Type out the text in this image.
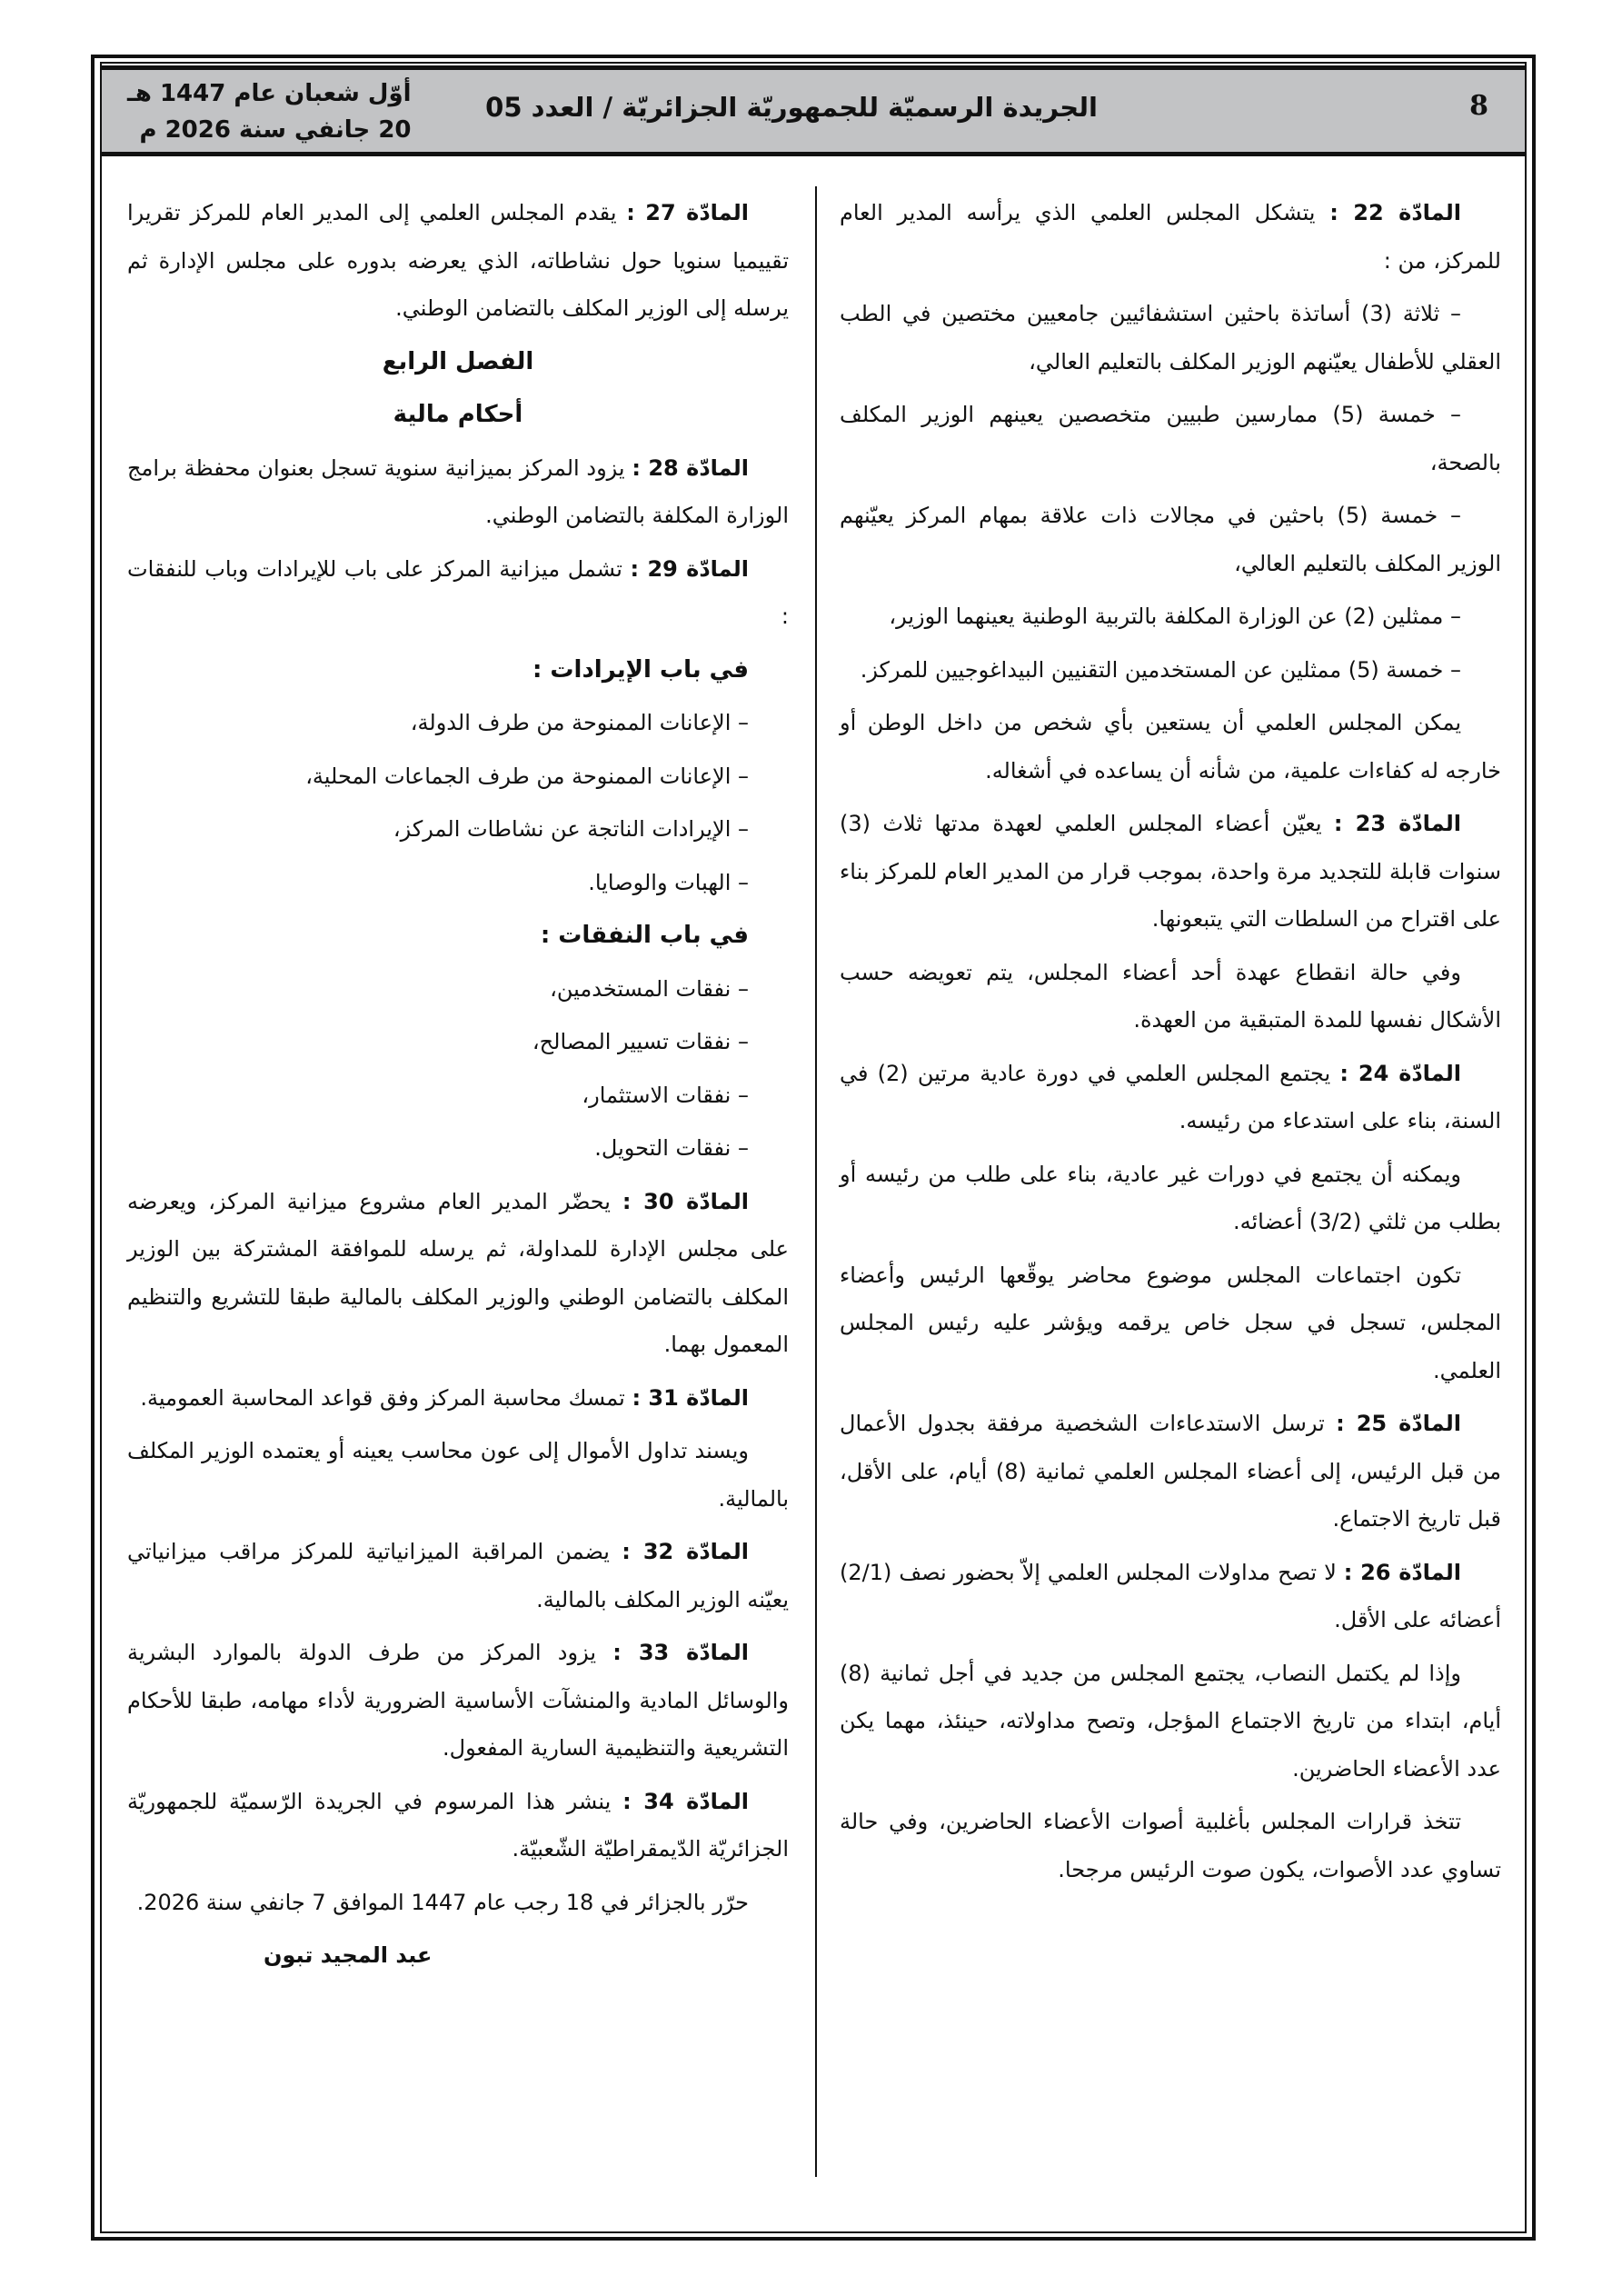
8
الجريدة الرسميّة للجمهوريّة الجزائريّة / العدد 05
أوّل شعبان عام 1447 هـ
20 جانفي سنة 2026 م

المادّة 22 : يتشكل المجلس العلمي الذي يرأسه المدير العام للمركز، من :

– ثلاثة (3) أساتذة باحثين استشفائيين جامعيين مختصين في الطب العقلي للأطفال يعيّنهم الوزير المكلف بالتعليم العالي،

– خمسة (5) ممارسين طبيين متخصصين يعينهم الوزير المكلف بالصحة،

– خمسة (5) باحثين في مجالات ذات علاقة بمهام المركز يعيّنهم الوزير المكلف بالتعليم العالي،

– ممثلين (2) عن الوزارة المكلفة بالتربية الوطنية يعينهما الوزير،

– خمسة (5) ممثلين عن المستخدمين التقنيين البيداغوجيين للمركز.

يمكن المجلس العلمي أن يستعين بأي شخص من داخل الوطن أو خارجه له كفاءات علمية، من شأنه أن يساعده في أشغاله.

المادّة 23 : يعيّن أعضاء المجلس العلمي لعهدة مدتها ثلاث (3) سنوات قابلة للتجديد مرة واحدة، بموجب قرار من المدير العام للمركز بناء على اقتراح من السلطات التي يتبعونها.

وفي حالة انقطاع عهدة أحد أعضاء المجلس، يتم تعويضه حسب الأشكال نفسها للمدة المتبقية من العهدة.

المادّة 24 : يجتمع المجلس العلمي في دورة عادية مرتين (2) في السنة، بناء على استدعاء من رئيسه.

ويمكنه أن يجتمع في دورات غير عادية، بناء على طلب من رئيسه أو بطلب من ثلثي (3/2) أعضائه.

تكون اجتماعات المجلس موضوع محاضر يوقّعها الرئيس وأعضاء المجلس، تسجل في سجل خاص يرقمه ويؤشر عليه رئيس المجلس العلمي.

المادّة 25 : ترسل الاستدعاءات الشخصية مرفقة بجدول الأعمال من قبل الرئيس، إلى أعضاء المجلس العلمي ثمانية (8) أيام، على الأقل، قبل تاريخ الاجتماع.

المادّة 26 : لا تصح مداولات المجلس العلمي إلاّ بحضور نصف (2/1) أعضائه على الأقل.

وإذا لم يكتمل النصاب، يجتمع المجلس من جديد في أجل ثمانية (8) أيام، ابتداء من تاريخ الاجتماع المؤجل، وتصح مداولاته، حينئذ، مهما يكن عدد الأعضاء الحاضرين.

تتخذ قرارات المجلس بأغلبية أصوات الأعضاء الحاضرين، وفي حالة تساوي عدد الأصوات، يكون صوت الرئيس مرجحا.

المادّة 27 : يقدم المجلس العلمي إلى المدير العام للمركز تقريرا تقييميا سنويا حول نشاطاته، الذي يعرضه بدوره على مجلس الإدارة ثم يرسله إلى الوزير المكلف بالتضامن الوطني.

الفصل الرابع

أحكام مالية

المادّة 28 : يزود المركز بميزانية سنوية تسجل بعنوان محفظة برامج الوزارة المكلفة بالتضامن الوطني.

المادّة 29 : تشمل ميزانية المركز على باب للإيرادات وباب للنفقات :

في باب الإيرادات :

– الإعانات الممنوحة من طرف الدولة،

– الإعانات الممنوحة من طرف الجماعات المحلية،

– الإيرادات الناتجة عن نشاطات المركز،

– الهبات والوصايا.

في باب النفقات :

– نفقات المستخدمين،

– نفقات تسيير المصالح،

– نفقات الاستثمار،

– نفقات التحويل.

المادّة 30 : يحضّر المدير العام مشروع ميزانية المركز، ويعرضه على مجلس الإدارة للمداولة، ثم يرسله للموافقة المشتركة بين الوزير المكلف بالتضامن الوطني والوزير المكلف بالمالية طبقا للتشريع والتنظيم المعمول بهما.

المادّة 31 : تمسك محاسبة المركز وفق قواعد المحاسبة العمومية.

ويسند تداول الأموال إلى عون محاسب يعينه أو يعتمده الوزير المكلف بالمالية.

المادّة 32 : يضمن المراقبة الميزانياتية للمركز مراقب ميزانياتي يعيّنه الوزير المكلف بالمالية.

المادّة 33 : يزود المركز من طرف الدولة بالموارد البشرية والوسائل المادية والمنشآت الأساسية الضرورية لأداء مهامه، طبقا للأحكام التشريعية والتنظيمية السارية المفعول.

المادّة 34 : ينشر هذا المرسوم في الجريدة الرّسميّة للجمهوريّة الجزائريّة الدّيمقراطيّة الشّعبيّة.

حرّر بالجزائر في 18 رجب عام 1447 الموافق 7 جانفي سنة 2026.

عبد المجيد تبون
